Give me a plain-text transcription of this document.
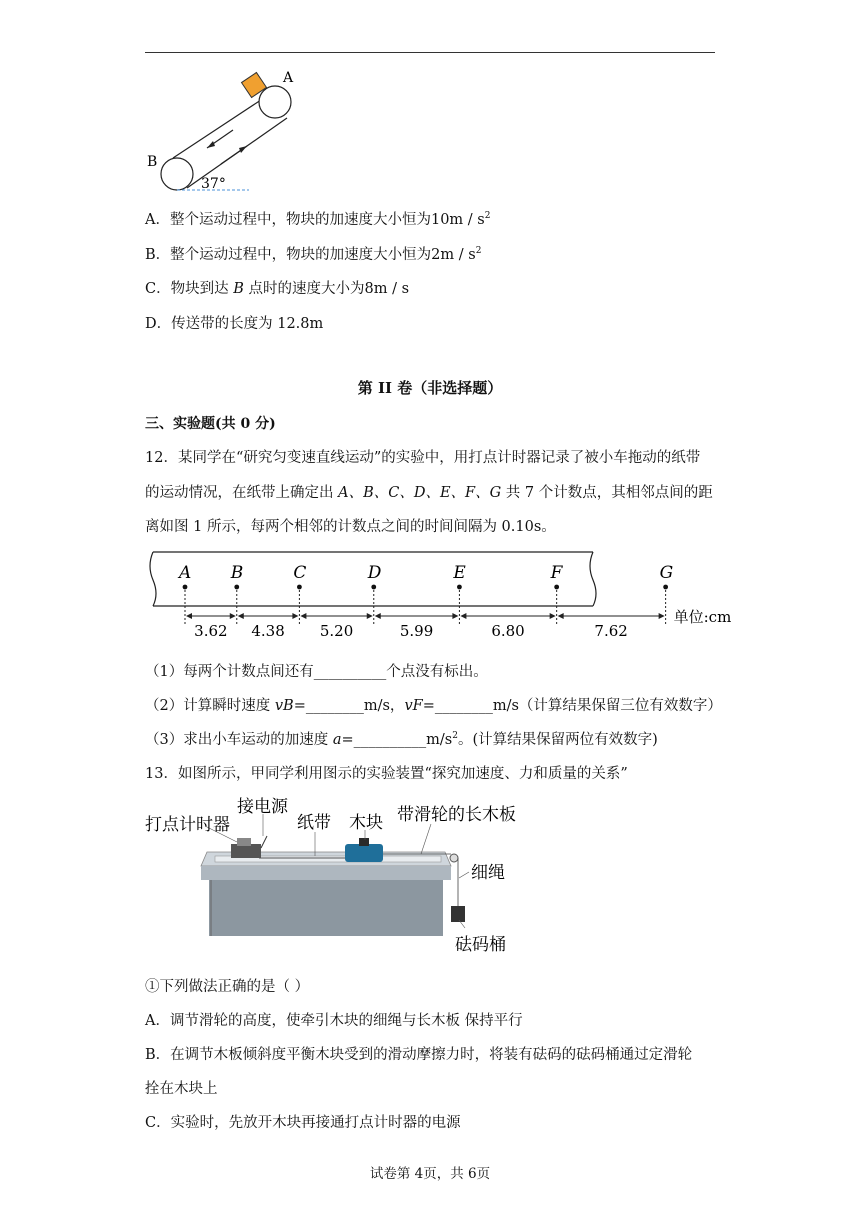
A
B
37°
A．整个运动过程中，物块的加速度大小恒为$10m / s^2$
B．整个运动过程中，物块的加速度大小恒为$2m / s^2$
C．物块到达 B 点时的速度大小为8m / s
D．传送带的长度为 12.8m
第 II 卷（非选择题）
三、实验题(共 0 分)
12．某同学在“研究匀变速直线运动”的实验中，用打点计时器记录了被小车拖动的纸带
的运动情况，在纸带上确定出 A、B、C、D、E、F、G 共 7 个计数点，其相邻点间的距
离如图 1 所示，每两个相邻的计数点之间的时间间隔为 0.10s。
A B	C	D	E	F	G
3.62 4.38 5.20	5.99	6.80	7.62
单位:cm
（1）每两个计数点间还有__________个点没有标出。
（2）计算瞬时速度 vB=________m/s，vF=________m/s（计算结果保留三位有效数字）
（3）求出小车运动的加速度 $a=\_\_\_\_\_\_\_\_\_\_m/s^2$。(计算结果保留两位有效数字)
13．如图所示，甲同学利用图示的实验装置“探究加速度、力和质量的关系”
打点计时器
接电源
纸带 木块 带滑轮的长木板
细绳
砝码桶
①下列做法正确的是（ ）
A．调节滑轮的高度，使牵引木块的细绳与长木板 保持平行
B．在调节木板倾斜度平衡木块受到的滑动摩擦力时，将装有砝码的砝码桶通过定滑轮
拴在木块上
C．实验时，先放开木块再接通打点计时器的电源
试卷第 4页，共 6页
